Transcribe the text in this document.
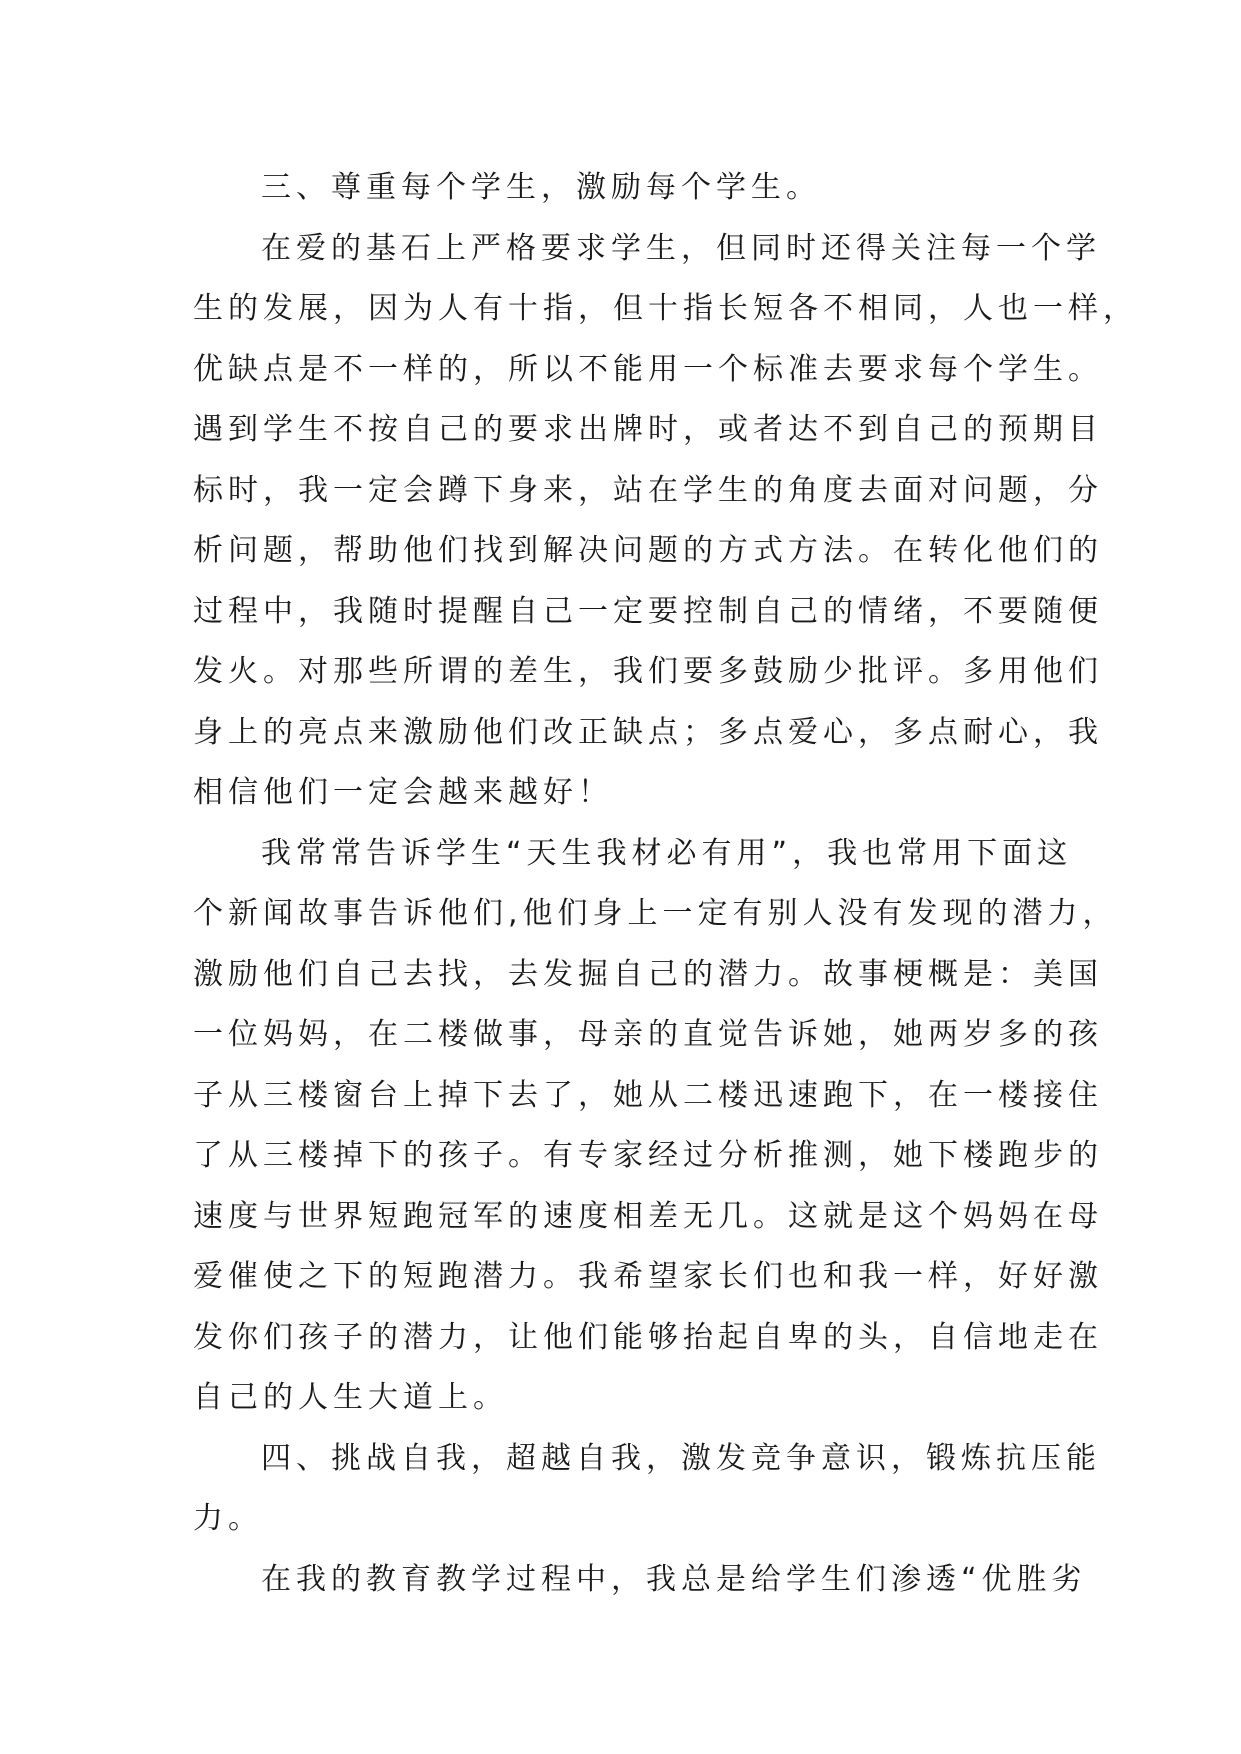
三、尊重每个学生，激励每个学生。
在爱的基石上严格要求学生，但同时还得关注每一个学
生的发展，因为人有十指，但十指长短各不相同，人也一样，
优缺点是不一样的，所以不能用一个标准去要求每个学生。
遇到学生不按自己的要求出牌时，或者达不到自己的预期目
标时，我一定会蹲下身来，站在学生的角度去面对问题，分
析问题，帮助他们找到解决问题的方式方法。在转化他们的
过程中，我随时提醒自己一定要控制自己的情绪，不要随便
发火。对那些所谓的差生，我们要多鼓励少批评。多用他们
身上的亮点来激励他们改正缺点；多点爱心，多点耐心，我
相信他们一定会越来越好！
我常常告诉学生“天生我材必有用”，我也常用下面这
个新闻故事告诉他们,他们身上一定有别人没有发现的潜力，
激励他们自己去找，去发掘自己的潜力。故事梗概是：美国
一位妈妈，在二楼做事，母亲的直觉告诉她，她两岁多的孩
子从三楼窗台上掉下去了，她从二楼迅速跑下，在一楼接住
了从三楼掉下的孩子。有专家经过分析推测，她下楼跑步的
速度与世界短跑冠军的速度相差无几。这就是这个妈妈在母
爱催使之下的短跑潜力。我希望家长们也和我一样，好好激
发你们孩子的潜力，让他们能够抬起自卑的头，自信地走在
自己的人生大道上。
四、挑战自我，超越自我，激发竞争意识，锻炼抗压能
力。
在我的教育教学过程中，我总是给学生们渗透“优胜劣
